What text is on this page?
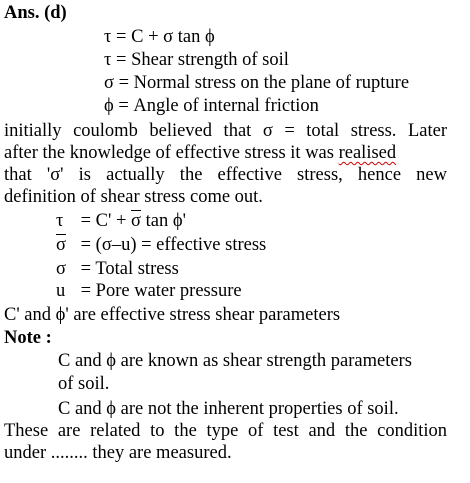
Ans. (d)
τ = C + σ tan ϕ
τ = Shear strength of soil
σ = Normal stress on the plane of rupture
ϕ = Angle of internal friction
initially coulomb believed that σ = total stress. Later
after the knowledge of effective stress it was realised
that 'σ' is actually the effective stress, hence new
definition of shear stress come out.
$\tau = C' + \overline{\sigma}$ tan ϕ'
$\overline{\sigma} = (\sigma-u)$ = effective stress
σ = Total stress
u = Pore water pressure
C' and ϕ' are effective stress shear parameters
Note :
C and ϕ are known as shear strength parameters
of soil.
C and ϕ are not the inherent properties of soil.
These are related to the type of test and the condition
under ........ they are measured.
